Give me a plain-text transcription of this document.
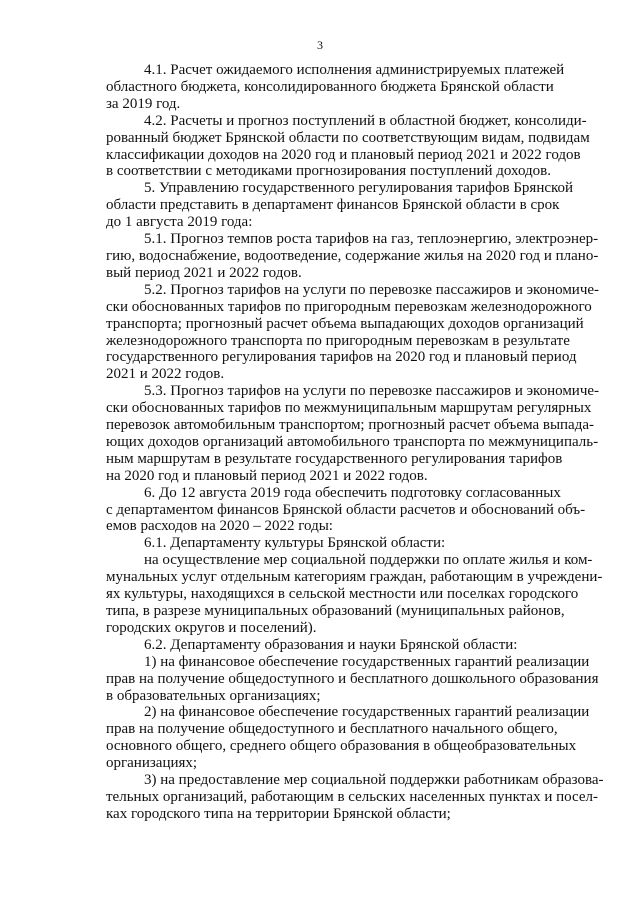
3

4.1. Расчет ожидаемого исполнения администрируемых платежей
областного бюджета, консолидированного бюджета Брянской области
за 2019 год.

4.2. Расчеты и прогноз поступлений в областной бюджет, консолиди-
рованный бюджет Брянской области по соответствующим видам, подвидам
классификации доходов на 2020 год и плановый период 2021 и 2022 годов
в соответствии с методиками прогнозирования поступлений доходов.

5. Управлению государственного регулирования тарифов Брянской
области представить в департамент финансов Брянской области в срок
до 1 августа 2019 года:

5.1. Прогноз темпов роста тарифов на газ, теплоэнергию, электроэнер-
гию, водоснабжение, водоотведение, содержание жилья на 2020 год и плано-
вый период 2021 и 2022 годов.

5.2. Прогноз тарифов на услуги по перевозке пассажиров и экономиче-
ски обоснованных тарифов по пригородным перевозкам железнодорожного
транспорта; прогнозный расчет объема выпадающих доходов организаций
железнодорожного транспорта по пригородным перевозкам в результате
государственного регулирования тарифов на 2020 год и плановый период
2021 и 2022 годов.

5.3. Прогноз тарифов на услуги по перевозке пассажиров и экономиче-
ски обоснованных тарифов по межмуниципальным маршрутам регулярных
перевозок автомобильным транспортом; прогнозный расчет объема выпада-
ющих доходов организаций автомобильного транспорта по межмуниципаль-
ным маршрутам в результате государственного регулирования тарифов
на 2020 год и плановый период 2021 и 2022 годов.

6. До 12 августа 2019 года обеспечить подготовку согласованных
с департаментом финансов Брянской области расчетов и обоснований объ-
емов расходов на 2020 – 2022 годы:

6.1. Департаменту культуры Брянской области:

на осуществление мер социальной поддержки по оплате жилья и ком-
мунальных услуг отдельным категориям граждан, работающим в учреждени-
ях культуры, находящихся в сельской местности или поселках городского
типа, в разрезе муниципальных образований (муниципальных районов,
городских округов и поселений).

6.2. Департаменту образования и науки Брянской области:

1) на финансовое обеспечение государственных гарантий реализации
прав на получение общедоступного и бесплатного дошкольного образования
в образовательных организациях;

2) на финансовое обеспечение государственных гарантий реализации
прав на получение общедоступного и бесплатного начального общего,
основного общего, среднего общего образования в общеобразовательных
организациях;

3) на предоставление мер социальной поддержки работникам образова-
тельных организаций, работающим в сельских населенных пунктах и посел-
ках городского типа на территории Брянской области;
